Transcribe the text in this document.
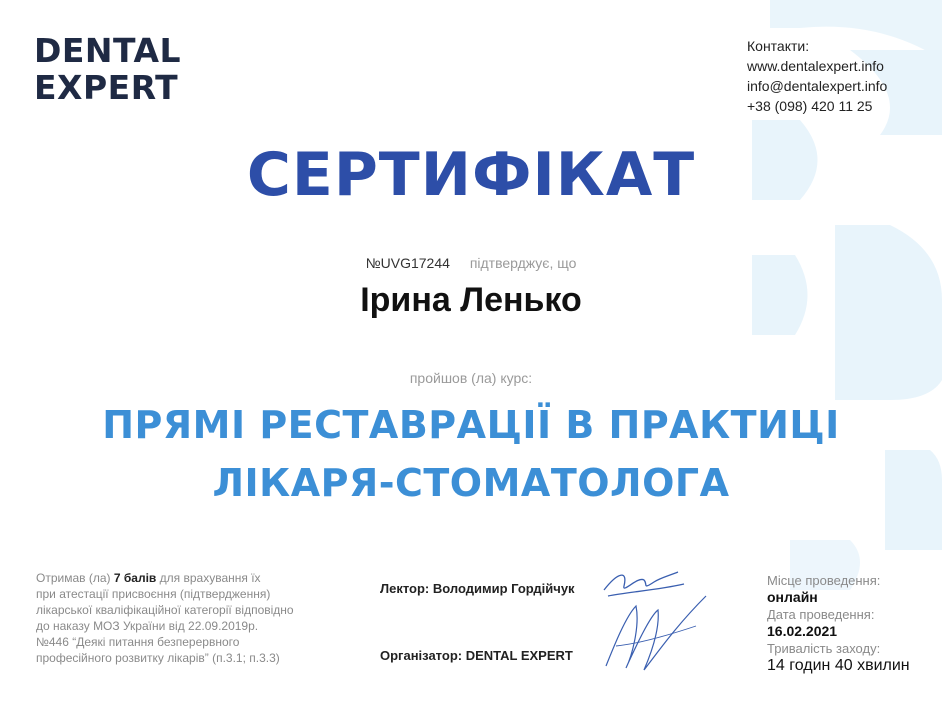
DENTAL
EXPERT
Контакти:
www.dentalexpert.info
info@dentalexpert.info
+38 (098) 420 11 25
СЕРТИФІКАТ
№UVG17244 підтверджує, що
Ірина Ленько
пройшов (ла) курс:
ПРЯМІ РЕСТАВРАЦІЇ В ПРАКТИЦІ
ЛІКАРЯ-СТОМАТОЛОГА
Отримав (ла) 7 балів для врахування їх
при атестації присвоєння (підтвердження)
лікарської кваліфікаційної категорії відповідно
до наказу МОЗ України від 22.09.2019р.
№446 “Деякі питання безперервного
професійного розвитку лікарів” (п.3.1; п.3.3)
Лектор: Володимир Гордійчук
Організатор: DENTAL EXPERT
Місце проведення:
онлайн
Дата проведення:
16.02.2021
Тривалість заходу:
14 годин 40 хвилин
